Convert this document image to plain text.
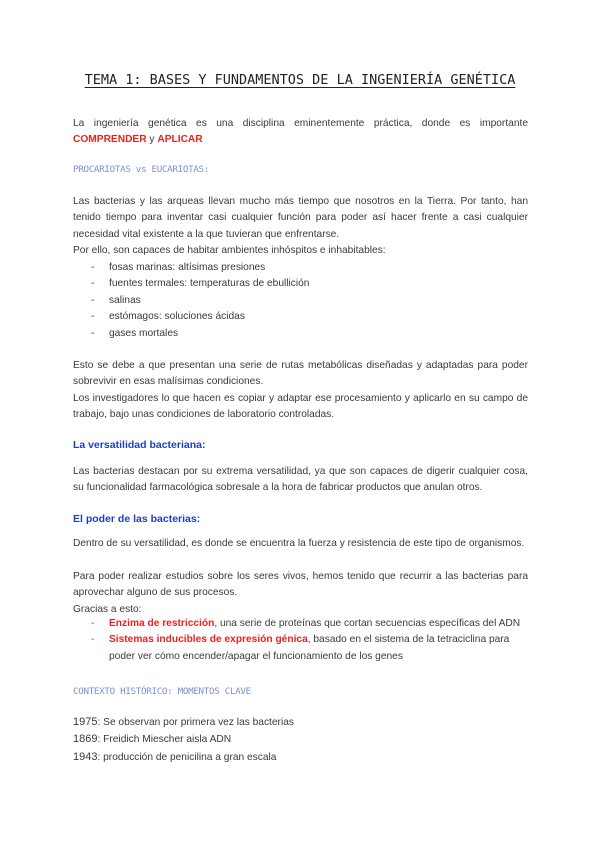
TEMA 1: BASES Y FUNDAMENTOS DE LA INGENIERÍA GENÉTICA
La ingeniería genética es una disciplina eminentemente práctica, donde es importante COMPRENDER y APLICAR
PROCARIOTAS vs EUCARIOTAS:
Las bacterias y las arqueas llevan mucho más tiempo que nosotros en la Tierra. Por tanto, han tenido tiempo para inventar casi cualquier función para poder así hacer frente a casi cualquier necesidad vital existente a la que tuvieran que enfrentarse.
Por ello, son capaces de habitar ambientes inhóspitos e inhabitables:
- fosas marinas: altísimas presiones
- fuentes termales: temperaturas de ebullición
- salinas
- estómagos: soluciones ácidas
- gases mortales
Esto se debe a que presentan una serie de rutas metabólicas diseñadas y adaptadas para poder sobrevivir en esas malísimas condiciones.
Los investigadores lo que hacen es copiar y adaptar ese procesamiento y aplicarlo en su campo de trabajo, bajo unas condiciones de laboratorio controladas.
La versatilidad bacteriana:
Las bacterias destacan por su extrema versatilidad, ya que son capaces de digerir cualquier cosa, su funcionalidad farmacológica sobresale a la hora de fabricar productos que anulan otros.
El poder de las bacterias:
Dentro de su versatilidad, es donde se encuentra la fuerza y resistencia de este tipo de organismos.
Para poder realizar estudios sobre los seres vivos, hemos tenido que recurrir a las bacterias para aprovechar alguno de sus procesos.
Gracias a esto:
- Enzima de restricción, una serie de proteínas que cortan secuencias específicas del ADN
- Sistemas inducibles de expresión génica, basado en el sistema de la tetraciclina para poder ver cómo encender/apagar el funcionamiento de los genes
CONTEXTO HISTÓRICO: MOMENTOS CLAVE
1975: Se observan por primera vez las bacterias
1869: Freidich Miescher aisla ADN
1943: producción de penicilina a gran escala
